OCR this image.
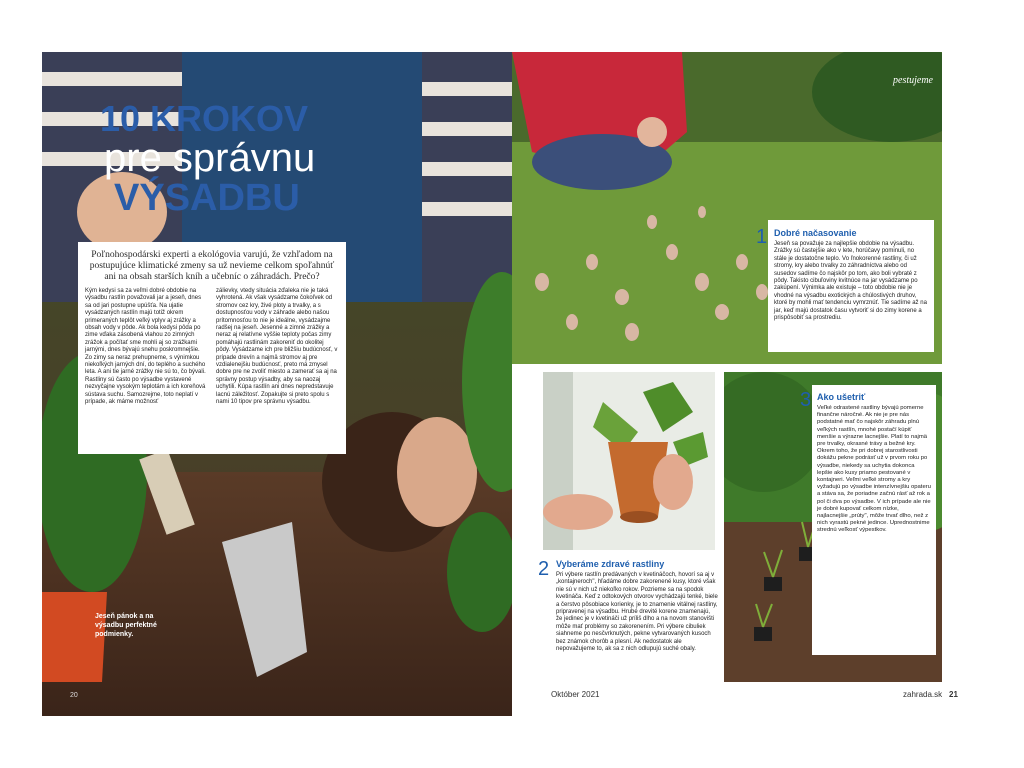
10 KROKOV
pre správnu
VÝSADBU

Poľnohospodárski experti a ekológovia varujú, že vzhľadom na postupujúce klimatické zmeny sa už nevieme celkom spoľahnúť ani na obsah starších kníh a učebníc o záhradách. Prečo?

Kým kedysi sa za veľmi dobré obdobie na výsadbu rastlín považovali jar a jeseň, dnes sa od jari postupne upúšťa. Na ujatie vysádzaných rastlín majú totiž okrem primeraných teplôt veľký vplyv aj zrážky a obsah vody v pôde. Ak bola kedysi pôda po zime vďaka zásobená vlahou zo zimných zrážok a počítať sme mohli aj so zrážkami jarnými, dnes bývajú snehu poskromnejšie. Zo zimy sa neraz prehupneme, s výnimkou niekoľkých jarných dní, do teplého a suchého leta. A ani tie jarné zrážky nie sú to, čo bývali. Rastliny sú často po výsadbe vystavené nezvyčajne vysokým teplotám a ich koreňová sústava suchu. Samozrejme, toto neplatí v prípade, ak máme možnosť

zálievky, vtedy situácia zďaleka nie je taká vyhrotená. Ak však vysádzame čokoľvek od stromov cez kry, živé ploty a trvalky, a s dostupnosťou vody v záhrade alebo našou prítomnosťou to nie je ideálne, vysádzajme radšej na jeseň. Jesenné a zimné zrážky a neraz aj relatívne vyššie teploty počas zimy pomáhajú rastlinám zakoreniť do okolitej pôdy. Vysádzame ich pre bližšiu budúcnosť, v prípade drevín a najmä stromov aj pre vzdialenejšiu budúcnosť, preto má zmysel dobre pre ne zvoliť miesto a zamerať sa aj na správny postup výsadby, aby sa naozaj uchytili. Kúpa rastlín ani dnes nepredstavuje lacnú záležitosť. Zopakujte si preto spolu s nami 10 tipov pre správnu výsadbu.

Jeseň pánok a na výsadbu perfektné podmienky.
20
pestujeme
1 Dobré načasovanie

Jeseň sa považuje za najlepšie obdobie na výsadbu. Zrážky sú častejšie ako v lete, horúčavy pominuli, no stále je dostatočne teplo. Vo ľnokorenné rastliny, či už stromy, kry alebo trvalky zo záhradníctva alebo od susedov sadíme čo najskôr po tom, ako boli vybraté z pôdy. Takisto cibuľoviny kvitnúce na jar vysádzame po zakúpení. Výnimka ale existuje – toto obdobie nie je vhodné na výsadbu exotických a chúlostivých druhov, ktoré by mohli mať tendenciu vymrznúť. Tie sadíme až na jar, keď majú dostatok času vytvoriť si do zimy korene a prispôsobiť sa prostrediu.

2 Vyberáme zdravé rastliny

Pri výbere rastlín predávaných v kvetináčoch, hovorí sa aj v „kontajneroch", hľadáme dobre zakorenené kusy, ktoré však nie sú v nich už niekoľko rokov. Pozrieme sa na spodok kvetináča. Keď z odtokových otvorov vychádzajú tenké, biele a čerstvo pôsobiace korienky, je to znamenie vitálnej rastliny, pripravenej na výsadbu. Hrubé drevité korene znamenajú, že jedinec je v kvetináči už príliš dlho a na novom stanovišti môže mať problémy so zakorenením. Pri výbere cibuliek siahneme po nesčvrknutých, pekne vytvarovaných kusoch bez známok chorôb a plesní. Ak nedostatok ale nepovažujeme to, ak sa z nich odlupujú suché obaly.

3 Ako ušetriť

Veľké odrastené rastliny bývajú pomerne finančne náročné. Ak nie je pre nás podstatné mať čo najskôr záhradu plnú veľkých rastlín, mnohé postačí kúpiť menšie a výrazne lacnejšie. Platí to najmä pre trvalky, okrasné trávy a bežné kry. Okrem toho, že pri dobrej starostlivosti dokážu pekne podrásť už v prvom roku po výsadbe, niekedy sa uchytia dokonca lepšie ako kusy priamo pestované v kontajneri. Veľmi veľké stromy a kry vyžadujú po výsadbe intenzívnejšiu opateru a stáva sa, že poriadne začnú rásť až rok a pol či dva po výsadbe. V ich prípade ale nie je dobré kupovať celkom nízke, najlacnejšie „prúty", môže trvať dlho, než z nich vyrastú pekné jedince. Uprednostnime strednú veľkosť výpestkov.

Október 2021	zahrada.sk 21
